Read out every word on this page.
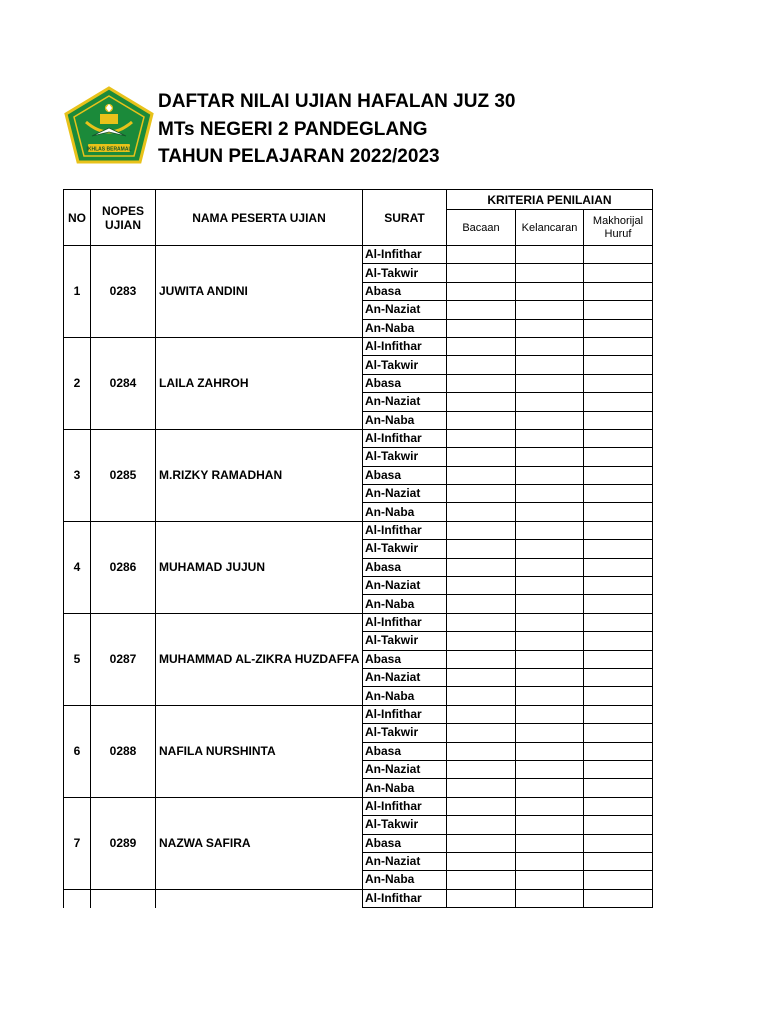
IKHLAS BERAMAL
DAFTAR NILAI UJIAN HAFALAN JUZ 30
MTs NEGERI 2 PANDEGLANG
TAHUN PELAJARAN 2022/2023
NO	NOPES UJIAN	NAMA PESERTA UJIAN	SURAT	KRITERIA PENILAIAN		
				Bacaan	Kelancaran	Makhorijal Huruf
1	0283	JUWITA ANDINI	Al-Infithar			
			Al-Takwir			
			Abasa			
			An-Naziat			
			An-Naba			
2	0284	LAILA ZAHROH	Al-Infithar			
			Al-Takwir			
			Abasa			
			An-Naziat			
			An-Naba			
3	0285	M.RIZKY RAMADHAN	Al-Infithar			
			Al-Takwir			
			Abasa			
			An-Naziat			
			An-Naba			
4	0286	MUHAMAD JUJUN	Al-Infithar			
			Al-Takwir			
			Abasa			
			An-Naziat			
			An-Naba			
5	0287	MUHAMMAD AL-ZIKRA HUZDAFFA	Al-Infithar			
			Al-Takwir			
			Abasa			
			An-Naziat			
			An-Naba			
6	0288	NAFILA NURSHINTA	Al-Infithar			
			Al-Takwir			
			Abasa			
			An-Naziat			
			An-Naba			
7	0289	NAZWA SAFIRA	Al-Infithar			
			Al-Takwir			
			Abasa			
			An-Naziat			
			An-Naba			
			Al-Infithar			
